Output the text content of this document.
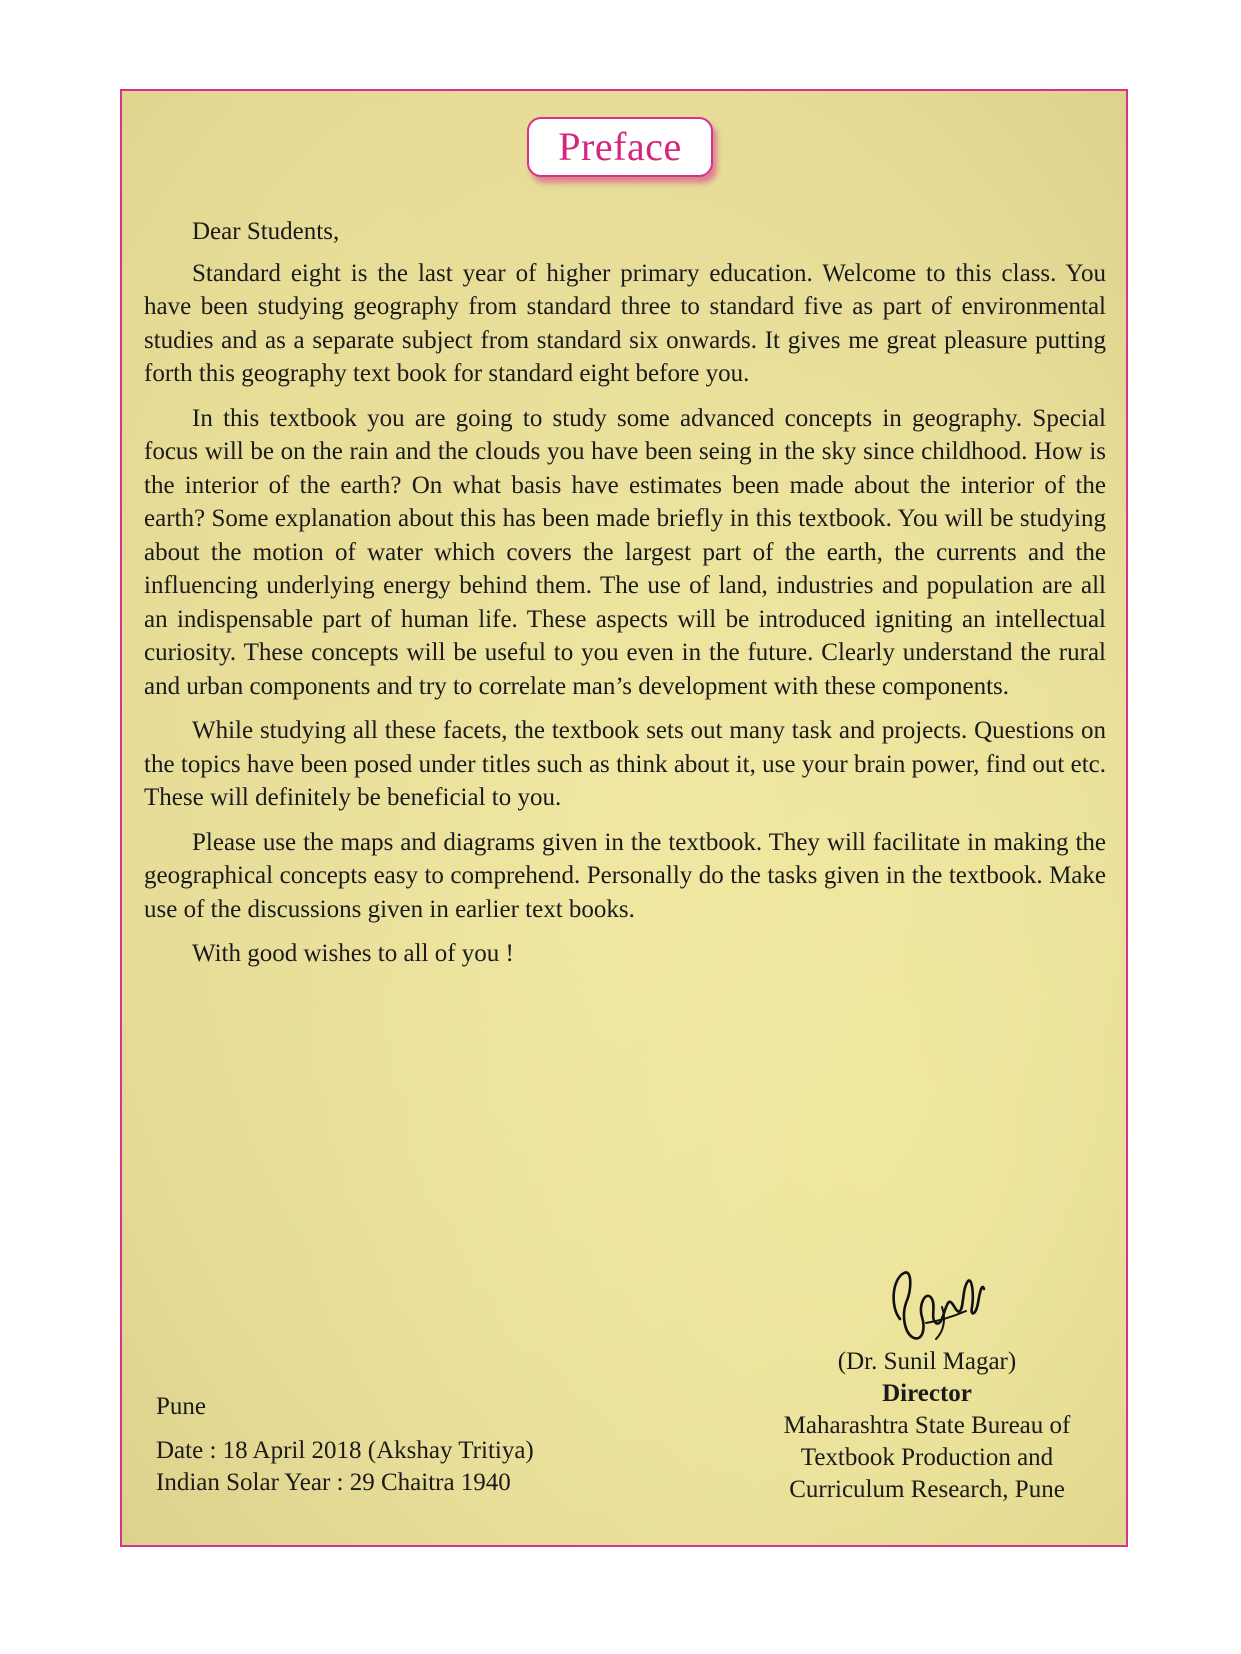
Preface

Dear Students,

Standard eight is the last year of higher primary education. Welcome to this class. You have been studying geography from standard three to standard five as part of environmental studies and as a separate subject from standard six onwards. It gives me great pleasure putting forth this geography text book for standard eight before you.

In this textbook you are going to study some advanced concepts in geography. Special focus will be on the rain and the clouds you have been seing in the sky since childhood. How is the interior of the earth? On what basis have estimates been made about the interior of the earth? Some explanation about this has been made briefly in this textbook. You will be studying about the motion of water which covers the largest part of the earth, the currents and the influencing underlying energy behind them. The use of land, industries and population are all an indispensable part of human life. These aspects will be introduced igniting an intellectual curiosity. These concepts will be useful to you even in the future. Clearly understand the rural and urban components and try to correlate man’s development with these components.

While studying all these facets, the textbook sets out many task and projects. Questions on the topics have been posed under titles such as think about it, use your brain power, find out etc. These will definitely be beneficial to you.

Please use the maps and diagrams given in the textbook. They will facilitate in making the geographical concepts easy to comprehend. Personally do the tasks given in the textbook. Make use of the discussions given in earlier text books.

With good wishes to all of you !

(Dr. Sunil Magar)
Director
Maharashtra State Bureau of
Textbook Production and
Curriculum Research, Pune
Pune
Date : 18 April 2018 (Akshay Tritiya)
Indian Solar Year : 29 Chaitra 1940
